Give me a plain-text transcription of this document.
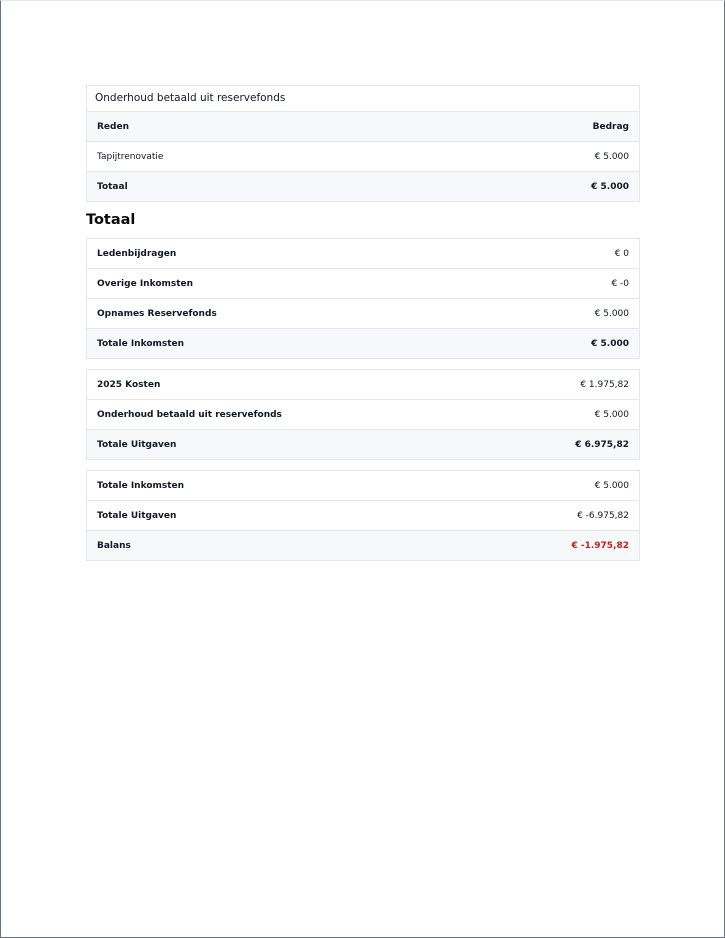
Onderhoud betaald uit reservefonds
Reden	Bedrag
Tapijtrenovatie	€ 5.000
Totaal	€ 5.000
Totaal
Ledenbijdragen	€ 0
Overige Inkomsten	€ -0
Opnames Reservefonds	€ 5.000
Totale Inkomsten	€ 5.000
2025 Kosten	€ 1.975,82
Onderhoud betaald uit reservefonds	€ 5.000
Totale Uitgaven	€ 6.975,82
Totale Inkomsten	€ 5.000
Totale Uitgaven	€ -6.975,82
Balans	€ -1.975,82
